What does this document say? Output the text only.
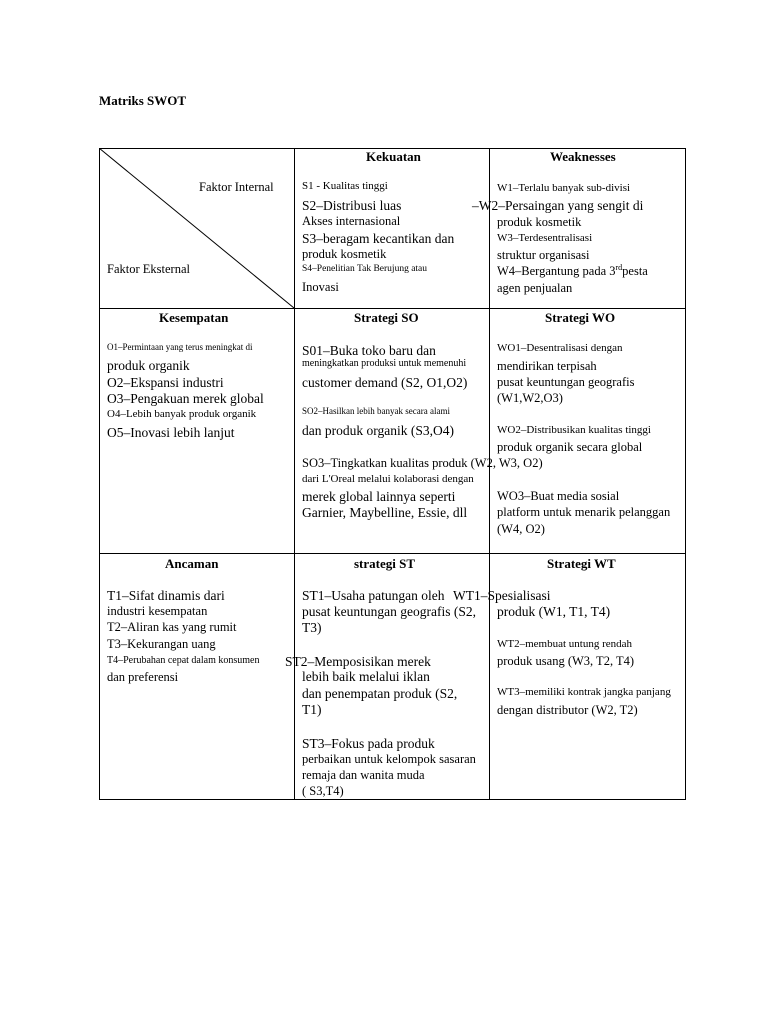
Matriks SWOT
Faktor Internal
Faktor Eksternal
Kekuatan
S1 - Kualitas tinggi
S2–Distribusi luas
Akses internasional
S3–beragam kecantikan dan
produk kosmetik
S4–Penelitian Tak Berujung atau
Inovasi
Weaknesses
W1–Terlalu banyak sub-divisi
–W2–Persaingan yang sengit di
produk kosmetik
W3–Terdesentralisasi
struktur organisasi
W4–Bergantung pada 3rdpesta
agen penjualan
Kesempatan
O1–Permintaan yang terus meningkat di
produk organik
O2–Ekspansi industri
O3–Pengakuan merek global
O4–Lebih banyak produk organik
O5–Inovasi lebih lanjut
Strategi SO
S01–Buka toko baru dan
meningkatkan produksi untuk memenuhi
customer demand (S2, O1,O2)
SO2–Hasilkan lebih banyak secara alami
dan produk organik (S3,O4)
SO3–Tingkatkan kualitas produk (W2, W3, O2)
dari L'Oreal melalui kolaborasi dengan
merek global lainnya seperti
Garnier, Maybelline, Essie, dll
Strategi WO
WO1–Desentralisasi dengan
mendirikan terpisah
pusat keuntungan geografis
(W1,W2,O3)
WO2–Distribusikan kualitas tinggi
produk organik secara global
WO3–Buat media sosial
platform untuk menarik pelanggan
(W4, O2)
Ancaman
T1–Sifat dinamis dari
industri kesempatan
T2–Aliran kas yang rumit
T3–Kekurangan uang
T4–Perubahan cepat dalam konsumen
dan preferensi
strategi ST
ST1–Usaha patungan oleh
pusat keuntungan geografis (S2,
T3)
ST2–Memposisikan merek
lebih baik melalui iklan
dan penempatan produk (S2,
T1)
ST3–Fokus pada produk
perbaikan untuk kelompok sasaran
remaja dan wanita muda
( S3,T4)
Strategi WT
WT1–Spesialisasi
produk (W1, T1, T4)
WT2–membuat untung rendah
produk usang (W3, T2, T4)
WT3–memiliki kontrak jangka panjang
dengan distributor (W2, T2)
